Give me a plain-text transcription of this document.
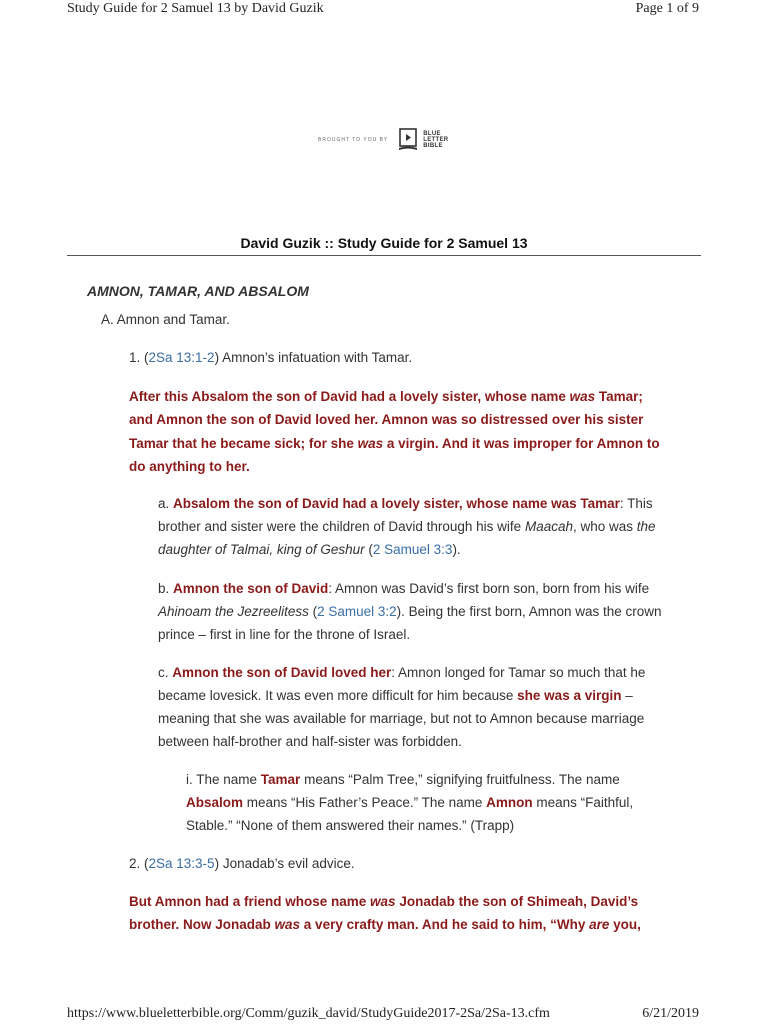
Study Guide for 2 Samuel 13 by David Guzik	Page 1 of 9
BROUGHT TO YOU BY
BLUE
LETTER
BIBLE
David Guzik :: Study Guide for 2 Samuel 13
AMNON, TAMAR, AND ABSALOM
A. Amnon and Tamar.
1. (2Sa 13:1-2) Amnon’s infatuation with Tamar.
After this Absalom the son of David had a lovely sister, whose name was Tamar; and Amnon the son of David loved her. Amnon was so distressed over his sister Tamar that he became sick; for she was a virgin. And it was improper for Amnon to do anything to her.
a. Absalom the son of David had a lovely sister, whose name was Tamar: This brother and sister were the children of David through his wife Maacah, who was the daughter of Talmai, king of Geshur (2 Samuel 3:3).
b. Amnon the son of David: Amnon was David’s first born son, born from his wife Ahinoam the Jezreelitess (2 Samuel 3:2). Being the first born, Amnon was the crown prince – first in line for the throne of Israel.
c. Amnon the son of David loved her: Amnon longed for Tamar so much that he became lovesick. It was even more difficult for him because she was a virgin – meaning that she was available for marriage, but not to Amnon because marriage between half-brother and half-sister was forbidden.
i. The name Tamar means “Palm Tree,” signifying fruitfulness. The name Absalom means “His Father’s Peace.” The name Amnon means “Faithful, Stable.” “None of them answered their names.” (Trapp)
2. (2Sa 13:3-5) Jonadab’s evil advice.
But Amnon had a friend whose name was Jonadab the son of Shimeah, David’s brother. Now Jonadab was a very crafty man. And he said to him, “Why are you,
https://www.blueletterbible.org/Comm/guzik_david/StudyGuide2017-2Sa/2Sa-13.cfm	6/21/2019
